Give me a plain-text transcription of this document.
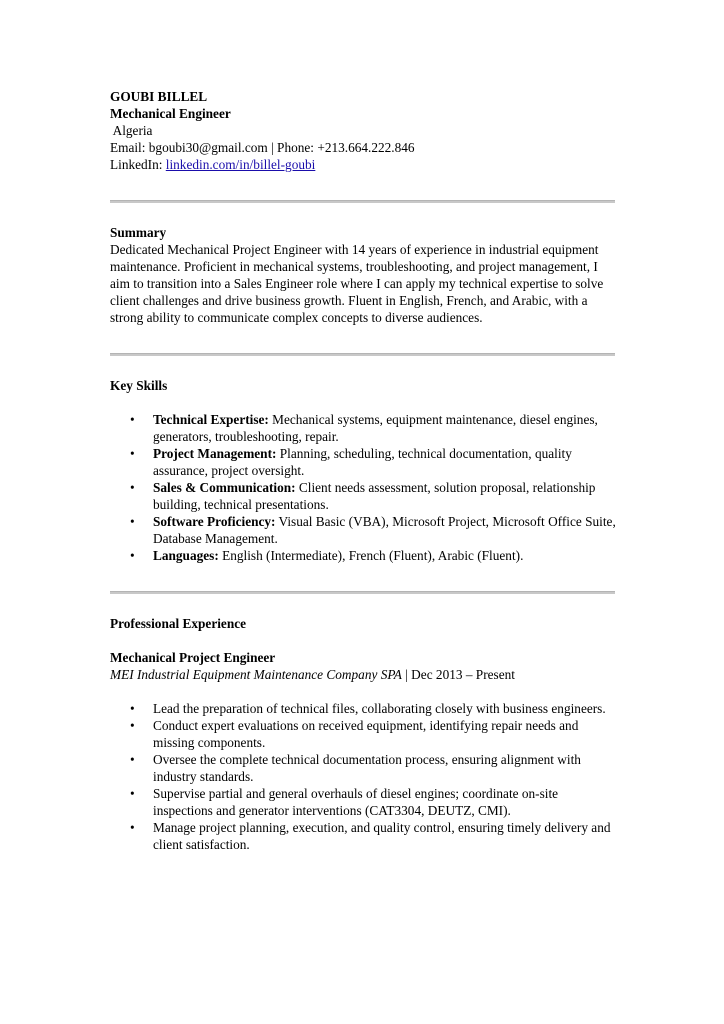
GOUBI BILLEL
Mechanical Engineer
Algeria
Email: bgoubi30@gmail.com | Phone: +213.664.222.846
LinkedIn: linkedin.com/in/billel-goubi
Summary
Dedicated Mechanical Project Engineer with 14 years of experience in industrial equipment maintenance. Proficient in mechanical systems, troubleshooting, and project management, I aim to transition into a Sales Engineer role where I can apply my technical expertise to solve client challenges and drive business growth. Fluent in English, French, and Arabic, with a strong ability to communicate complex concepts to diverse audiences.
Key Skills
• Technical Expertise: Mechanical systems, equipment maintenance, diesel engines, generators, troubleshooting, repair.
• Project Management: Planning, scheduling, technical documentation, quality assurance, project oversight.
• Sales & Communication: Client needs assessment, solution proposal, relationship building, technical presentations.
• Software Proficiency: Visual Basic (VBA), Microsoft Project, Microsoft Office Suite, Database Management.
• Languages: English (Intermediate), French (Fluent), Arabic (Fluent).
Professional Experience
Mechanical Project Engineer
MEI Industrial Equipment Maintenance Company SPA | Dec 2013 – Present
• Lead the preparation of technical files, collaborating closely with business engineers.
• Conduct expert evaluations on received equipment, identifying repair needs and missing components.
• Oversee the complete technical documentation process, ensuring alignment with industry standards.
• Supervise partial and general overhauls of diesel engines; coordinate on-site inspections and generator interventions (CAT3304, DEUTZ, CMI).
• Manage project planning, execution, and quality control, ensuring timely delivery and client satisfaction.
